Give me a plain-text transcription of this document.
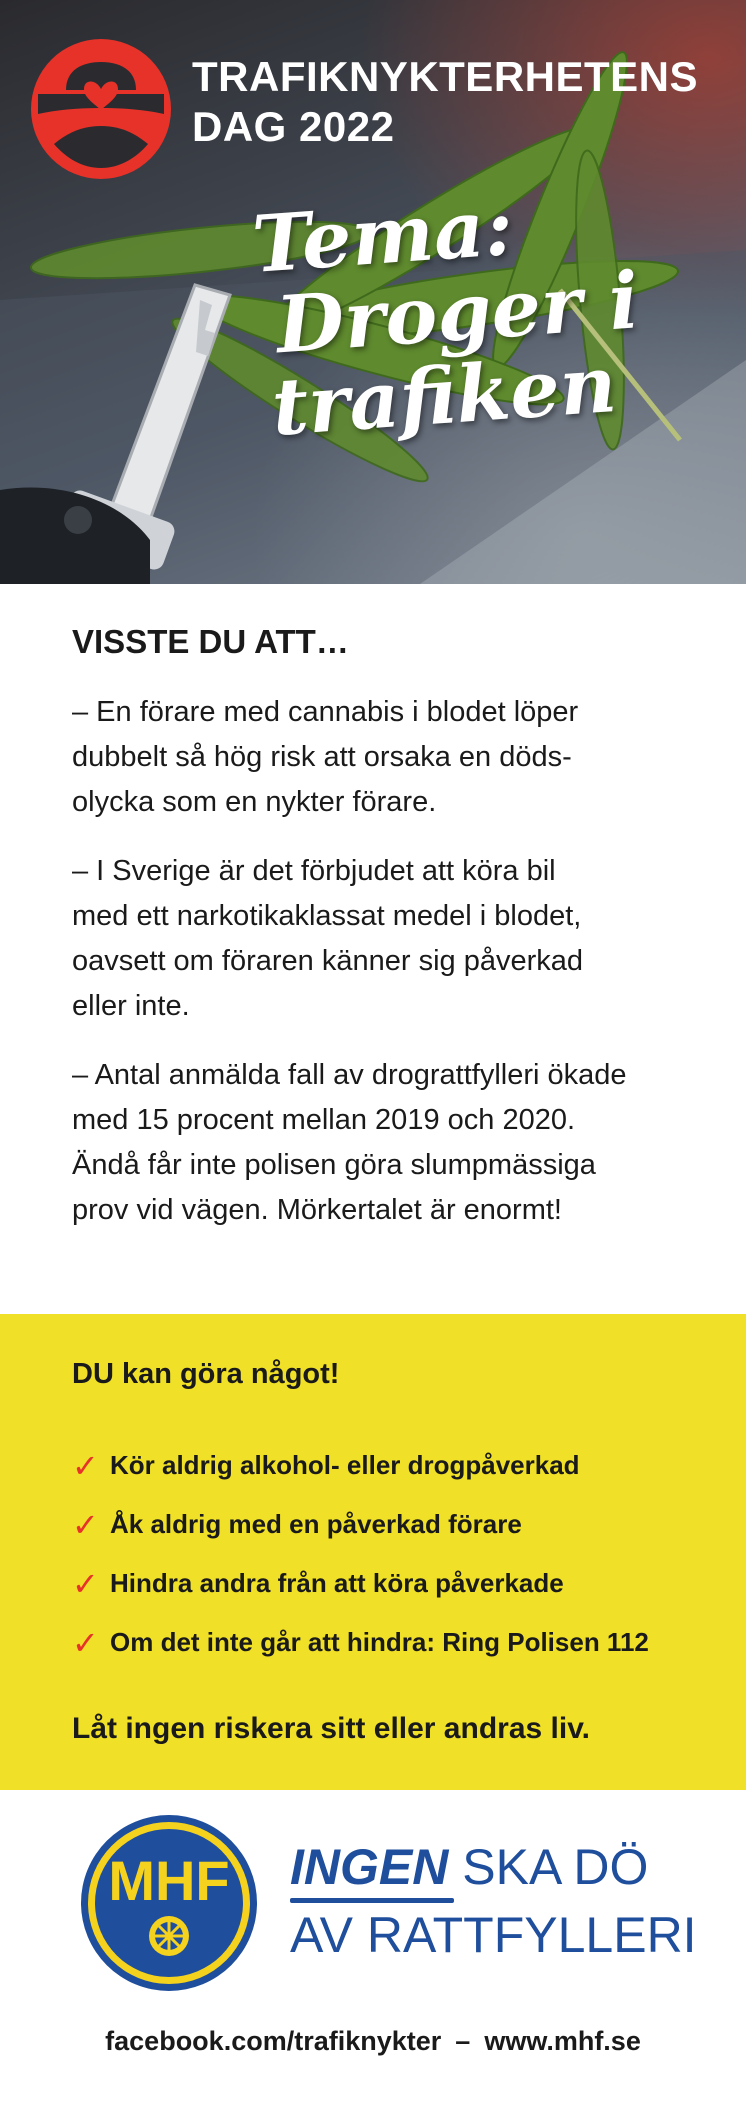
TRAFIKNYKTERHETENS
DAG 2022
Tema:
Droger i
trafiken
VISSTE DU ATT…

– En förare med cannabis i blodet löper
dubbelt så hög risk att orsaka en döds-
olycka som en nykter förare.

– I Sverige är det förbjudet att köra bil
med ett narkotikaklassat medel i blodet,
oavsett om föraren känner sig påverkad
eller inte.

– Antal anmälda fall av drograttfylleri ökade
med 15 procent mellan 2019 och 2020.
Ändå får inte polisen göra slumpmässiga
prov vid vägen. Mörkertalet är enormt!

DU kan göra något!
✓ Kör aldrig alkohol- eller drogpåverkad
✓ Åk aldrig med en påverkad förare
✓ Hindra andra från att köra påverkade
✓ Om det inte går att hindra: Ring Polisen 112

Låt ingen riskera sitt eller andras liv.

MHF INGEN SKA DÖ
AV RATTFYLLERI
facebook.com/trafiknykter – www.mhf.se
